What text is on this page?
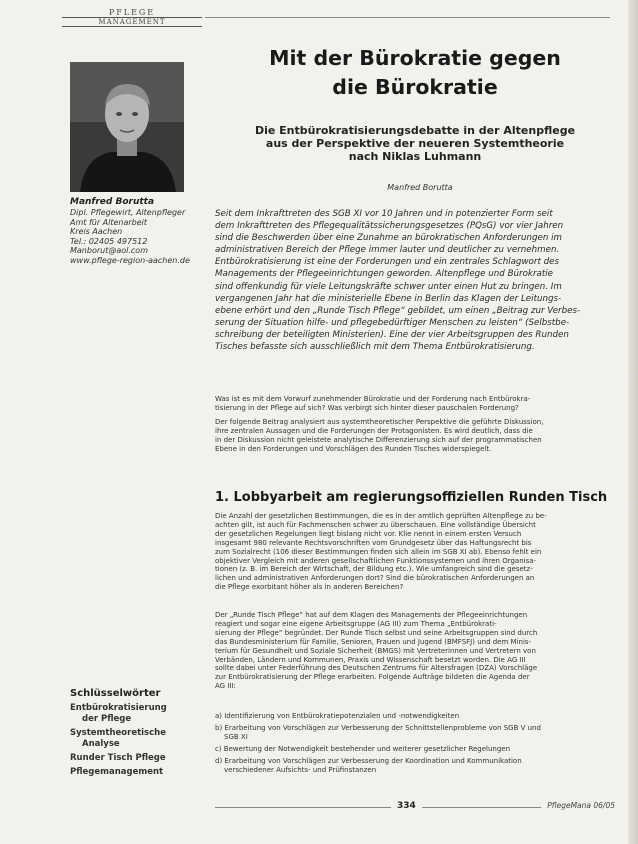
PFLEGE
MANAGEMENT
Manfred Borutta
Dipl. Pflegewirt, Altenpfleger
Amt für Altenarbeit
Kreis Aachen
Tel.: 02405 497512
Manborut@aol.com
www.pflege-region-aachen.de
Schlüsselwörter
Entbürokratisierung
der Pflege
Systemtheoretische
Analyse
Runder Tisch Pflege
Pflegemanagement
Mit der Bürokratie gegen
die Bürokratie
Die Entbürokratisierungsdebatte in der Altenpflege
aus der Perspektive der neueren Systemtheorie
nach Niklas Luhmann
Manfred Borutta
Seit dem Inkrafttreten des SGB XI vor 10 Jahren und in potenzierter Form seit
dem Inkrafttreten des Pflegequalitätssicherungsgesetzes (PQsG) vor vier Jahren
sind die Beschwerden über eine Zunahme an bürokratischen Anforderungen im
administrativen Bereich der Pflege immer lauter und deutlicher zu vernehmen.
Entbürokratisierung ist eine der Forderungen und ein zentrales Schlagwort des
Managements der Pflegeeinrichtungen geworden. Altenpflege und Bürokratie
sind offenkundig für viele Leitungskräfte schwer unter einen Hut zu bringen. Im
vergangenen Jahr hat die ministerielle Ebene in Berlin das Klagen der Leitungs-
ebene erhört und den „Runde Tisch Pflege“ gebildet, um einen „Beitrag zur Verbes-
serung der Situation hilfe- und pflegebedürftiger Menschen zu leisten“ (Selbstbe-
schreibung der beteiligten Ministerien). Eine der vier Arbeitsgruppen des Runden
Tisches befasste sich ausschließlich mit dem Thema Entbürokratisierung.
Was ist es mit dem Vorwurf zunehmender Bürokratie und der Forderung nach Entbürokra-
tisierung in der Pflege auf sich? Was verbirgt sich hinter dieser pauschalen Forderung?
Der folgende Beitrag analysiert aus systemtheoretischer Perspektive die geführte Diskussion,
ihre zentralen Aussagen und die Forderungen der Protagonisten. Es wird deutlich, dass die
in der Diskussion nicht geleistete analytische Differenzierung sich auf der programmatischen
Ebene in den Forderungen und Vorschlägen des Runden Tisches widerspiegelt.
1. Lobbyarbeit am regierungsoffiziellen Runden Tisch
Die Anzahl der gesetzlichen Bestimmungen, die es in der amtlich geprüften Altenpflege zu be-
achten gilt, ist auch für Fachmenschen schwer zu überschauen. Eine vollständige Übersicht
der gesetzlichen Regelungen liegt bislang nicht vor. Klie nennt in einem ersten Versuch
insgesamt 980 relevante Rechtsvorschriften vom Grundgesetz über das Haftungsrecht bis
zum Sozialrecht (106 dieser Bestimmungen finden sich allein im SGB XI ab). Ebenso fehlt ein
objektiver Vergleich mit anderen gesellschaftlichen Funktionssystemen und ihren Organisa-
tionen (z. B. im Bereich der Wirtschaft, der Bildung etc.). Wie umfangreich sind die gesetz-
lichen und administrativen Anforderungen dort? Sind die bürokratischen Anforderungen an
die Pflege exorbitant höher als in anderen Bereichen?
Der „Runde Tisch Pflege“ hat auf dem Klagen des Managements der Pflegeeinrichtungen
reagiert und sogar eine eigene Arbeitsgruppe (AG III) zum Thema „Entbürokrati-
sierung der Pflege“ begründet. Der Runde Tisch selbst und seine Arbeitsgruppen sind durch
das Bundesministerium für Familie, Senioren, Frauen und Jugend (BMFSFJ) und dem Minis-
terium für Gesundheit und Soziale Sicherheit (BMGS) mit Vertreterinnen und Vertretern von
Verbänden, Ländern und Kommunen, Praxis und Wissenschaft besetzt worden. Die AG III
sollte dabei unter Federführung des Deutschen Zentrums für Altersfragen (DZA) Vorschläge
zur Entbürokratisierung der Pflege erarbeiten. Folgende Aufträge bildeten die Agenda der
AG III:
a) Identifizierung von Entbürokratiepotenzialen und -notwendigkeiten
b) Erarbeitung von Vorschlägen zur Verbesserung der Schnittstellenprobleme von SGB V und
SGB XI
c) Bewertung der Notwendigkeit bestehender und weiterer gesetzlicher Regelungen
d) Erarbeitung von Vorschlägen zur Verbesserung der Koordination und Kommunikation
verschiedener Aufsichts- und Prüfinstanzen
334	PflegeMana 06/05
